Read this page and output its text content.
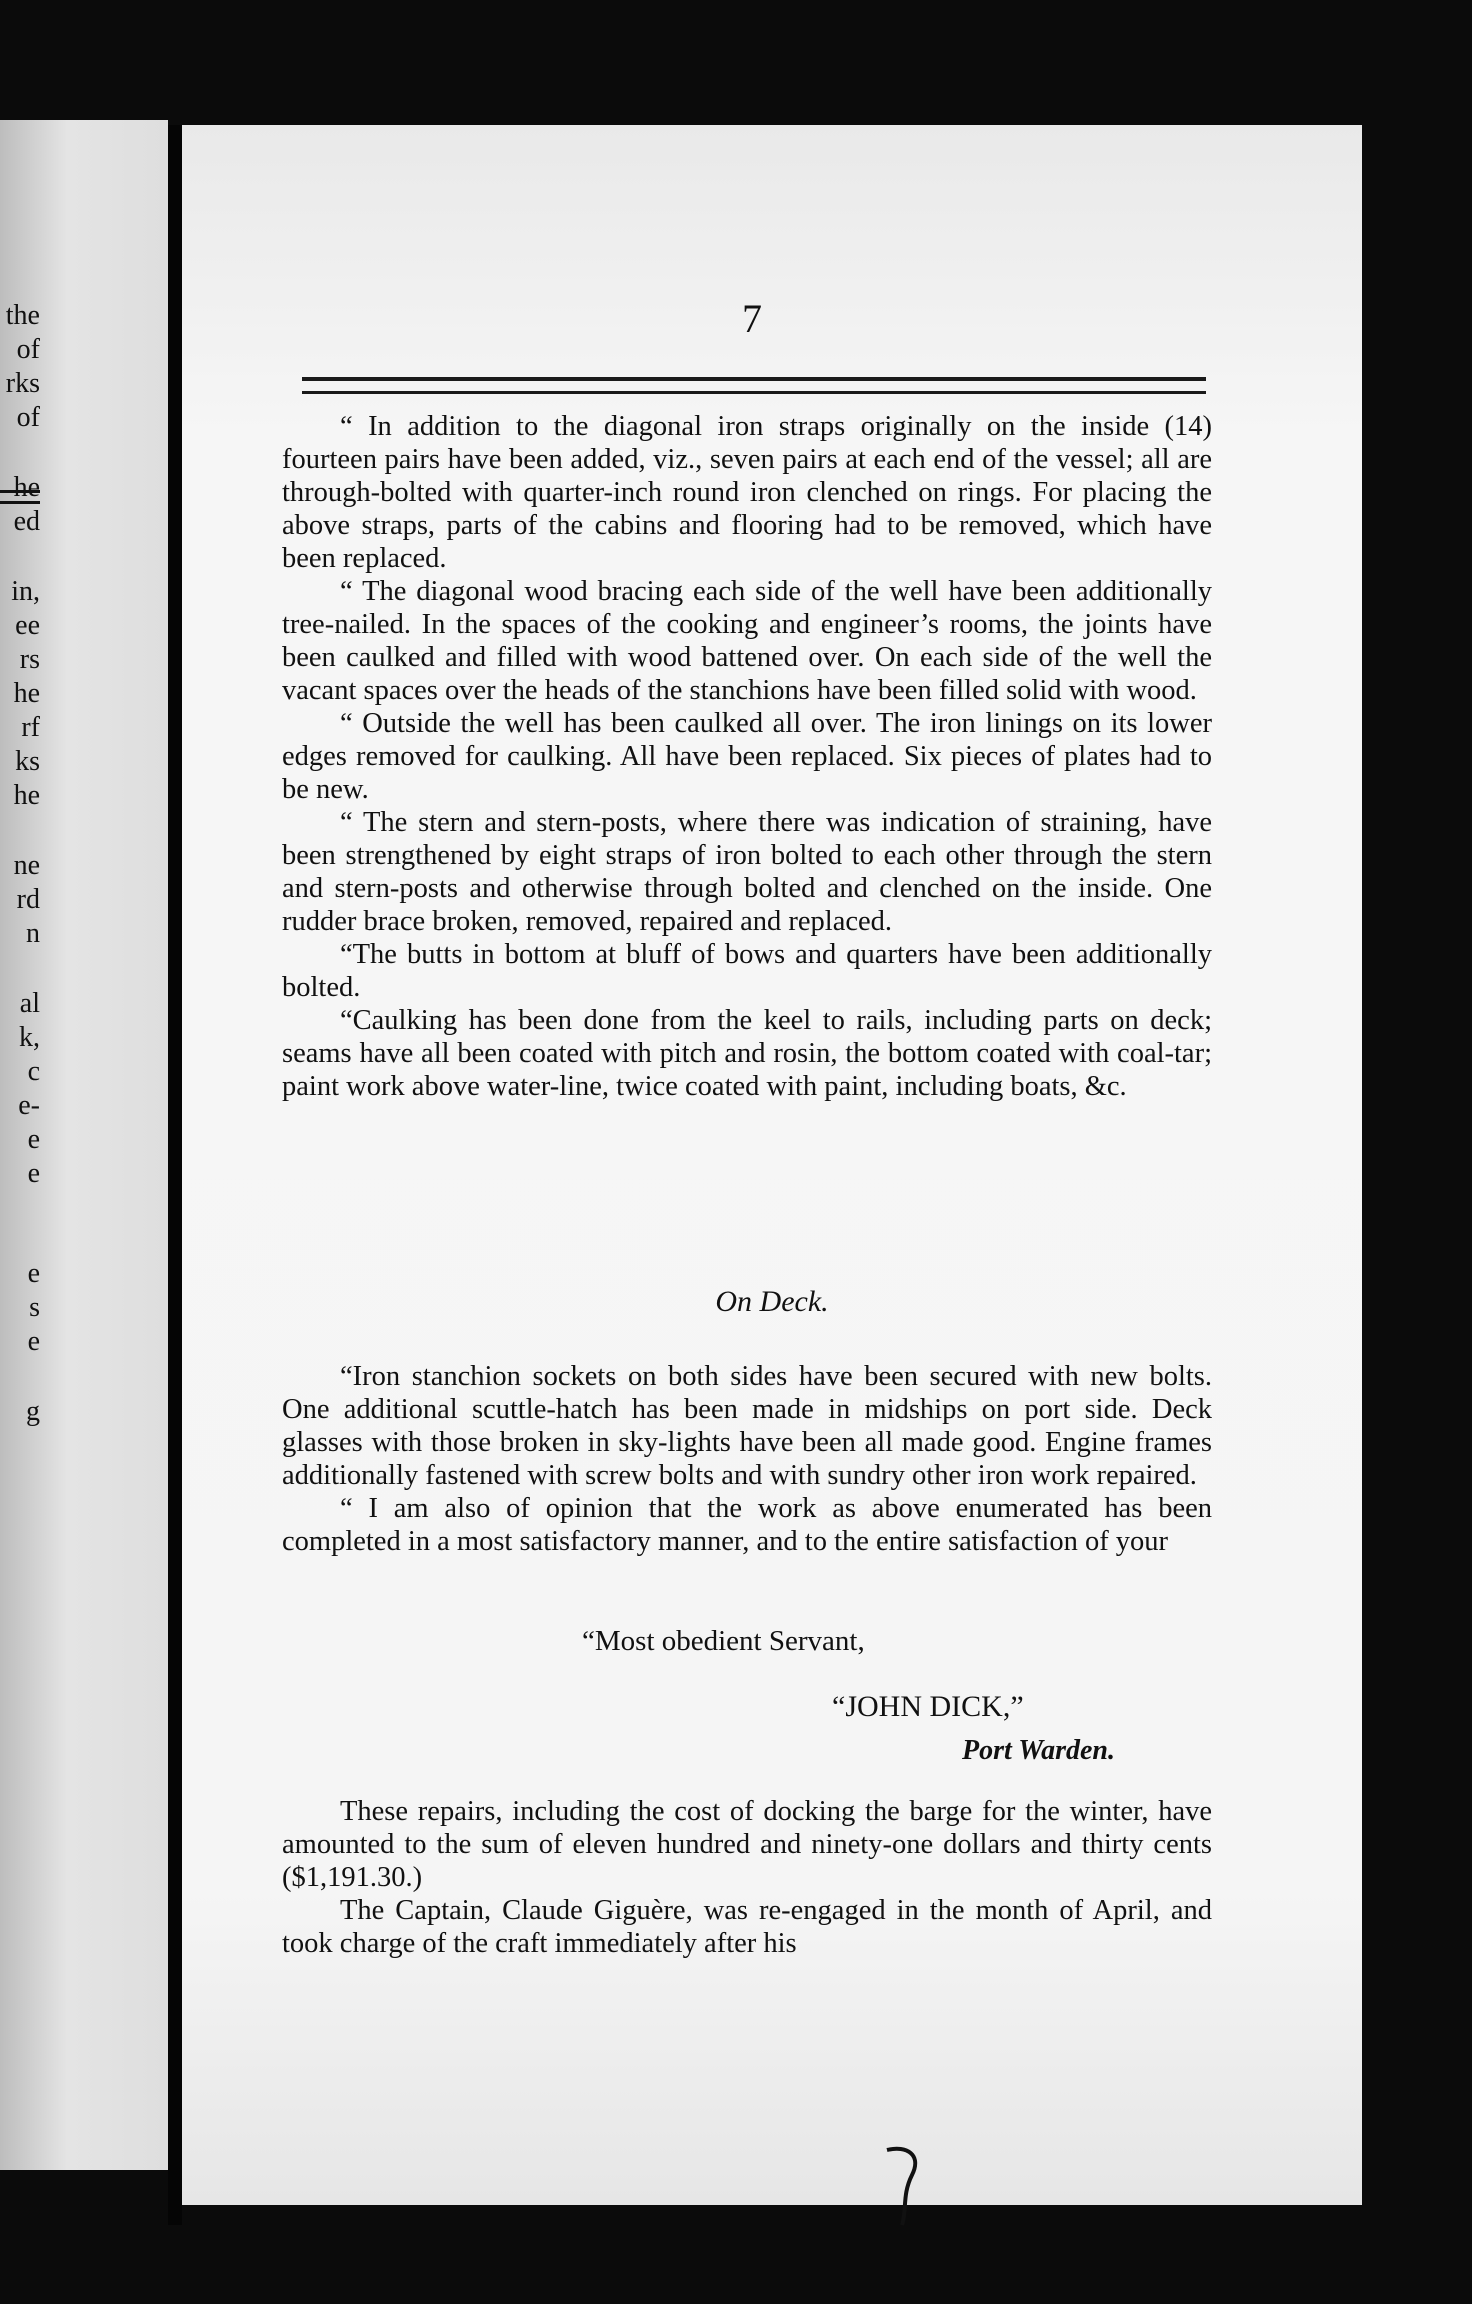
the
of
rks
of
he
ed
in,
ee
rs
he
rf
ks
he
ne
rd
n
al
k,
c
e-
e
e
e
s
e
g
7

“ In addition to the diagonal iron straps originally on the inside (14) fourteen pairs have been added, viz., seven pairs at each end of the vessel; all are through-bolted with quarter-inch round iron clenched on rings. For placing the above straps, parts of the cabins and flooring had to be removed, which have been replaced.

“ The diagonal wood bracing each side of the well have been additionally tree-nailed. In the spaces of the cooking and engineer’s rooms, the joints have been caulked and filled with wood battened over. On each side of the well the vacant spaces over the heads of the stanchions have been filled solid with wood.

“ Outside the well has been caulked all over. The iron linings on its lower edges removed for caulking. All have been replaced. Six pieces of plates had to be new.

“ The stern and stern-posts, where there was indication of straining, have been strengthened by eight straps of iron bolted to each other through the stern and stern-posts and otherwise through bolted and clenched on the inside. One rudder brace broken, removed, repaired and replaced.

“The butts in bottom at bluff of bows and quarters have been additionally bolted.

“Caulking has been done from the keel to rails, including parts on deck; seams have all been coated with pitch and rosin, the bottom coated with coal-tar; paint work above water-line, twice coated with paint, including boats, &c.

On Deck.

“Iron stanchion sockets on both sides have been secured with new bolts. One additional scuttle-hatch has been made in midships on port side. Deck glasses with those broken in sky-lights have been all made good. Engine frames additionally fastened with screw bolts and with sundry other iron work repaired.

“ I am also of opinion that the work as above enumerated has been completed in a most satisfactory manner, and to the entire satisfaction of your

“Most obedient Servant,
“JOHN DICK,”
Port Warden.

These repairs, including the cost of docking the barge for the winter, have amounted to the sum of eleven hundred and ninety-one dollars and thirty cents ($1,191.30.)

The Captain, Claude Giguère, was re-engaged in the month of April, and took charge of the craft immediately after his
